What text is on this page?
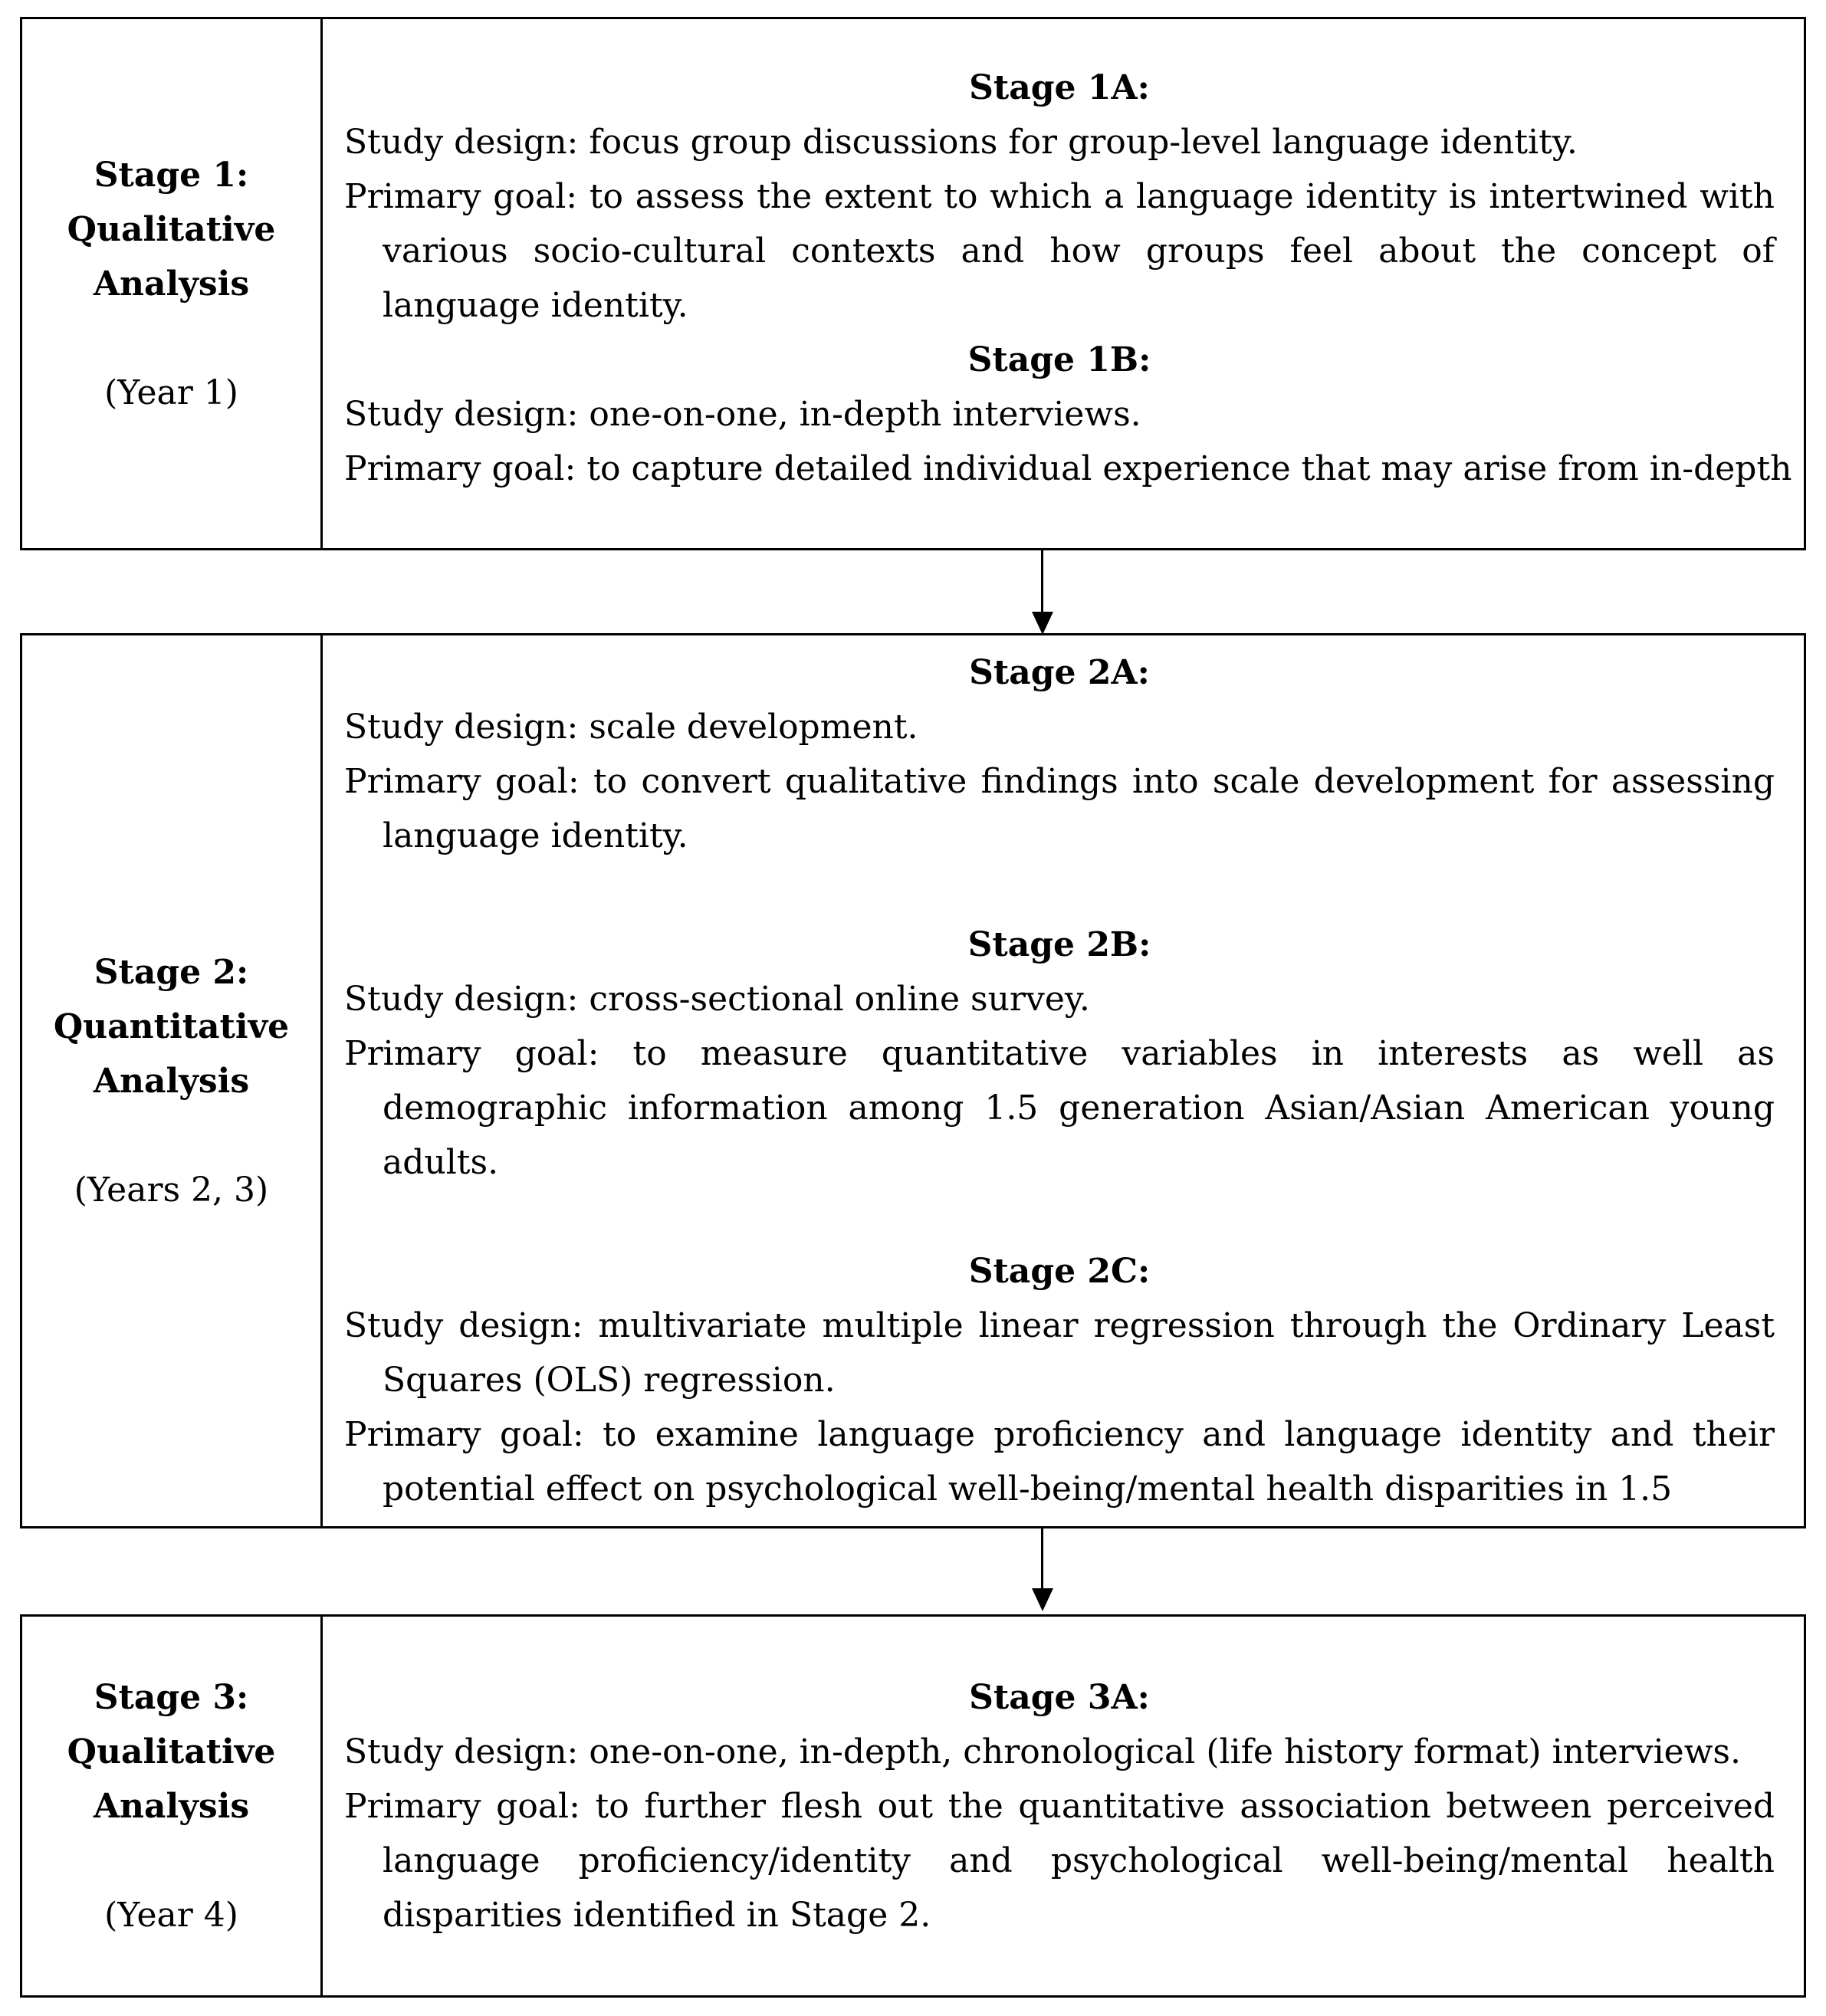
Stage 1:
Qualitative
Analysis
(Year 1)
Stage 1A:

Study design: focus group discussions for group-level language identity.

Primary goal: to assess the extent to which a language identity is intertwined with various socio-cultural contexts and how groups feel about the concept of language identity.

Stage 1B:

Study design: one-on-one, in-depth interviews.

Primary goal: to capture detailed individual experience that may arise from in-depth

Stage 2:
Quantitative
Analysis
(Years 2, 3)
Stage 2A:

Study design: scale development.

Primary goal: to convert qualitative findings into scale development for assessing language identity.

Stage 2B:

Study design: cross-sectional online survey.

Primary goal: to measure quantitative variables in interests as well as demographic information among 1.5 generation Asian/Asian American young adults.

Stage 2C:

Study design: multivariate multiple linear regression through the Ordinary Least Squares (OLS) regression.

Primary goal: to examine language proficiency and language identity and their potential effect on psychological well-being/mental health disparities in 1.5

Stage 3:
Qualitative
Analysis
(Year 4)
Stage 3A:

Study design: one-on-one, in-depth, chronological (life history format) interviews.

Primary goal: to further flesh out the quantitative association between perceived language proficiency/identity and psychological well-being/mental health disparities identified in Stage 2.
